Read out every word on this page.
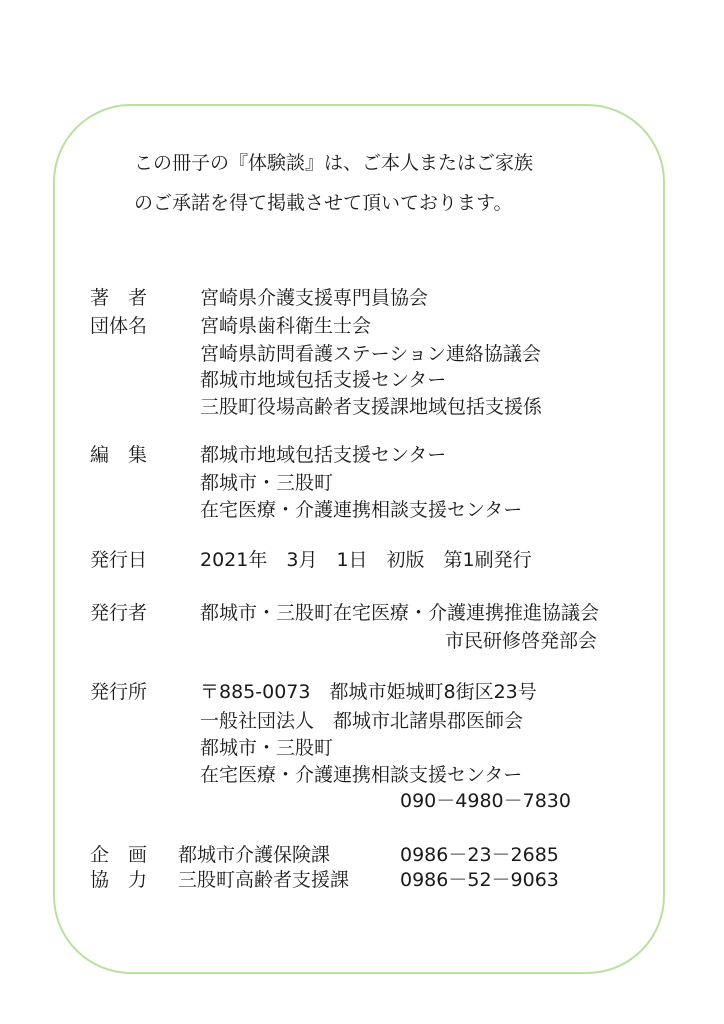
この冊子の『体験談』は、ご本人またはご家族
のご承諾を得て掲載させて頂いております。
著　者	宮崎県介護支援専門員協会
団体名	宮崎県歯科衛生士会
宮崎県訪問看護ステーション連絡協議会
都城市地域包括支援センター
三股町役場高齢者支援課地域包括支援係
編　集	都城市地域包括支援センター
都城市・三股町
在宅医療・介護連携相談支援センター
発行日	2021年　3月　1日　初版　第1刷発行
発行者	都城市・三股町在宅医療・介護連携推進協議会
市民研修啓発部会
発行所	〒885-0073　都城市姫城町8街区23号
一般社団法人　都城市北諸県郡医師会
都城市・三股町
在宅医療・介護連携相談支援センター
090－4980－7830
企　画 都城市介護保険課	0986－23－2685
協　力 三股町高齢者支援課	0986－52－9063
